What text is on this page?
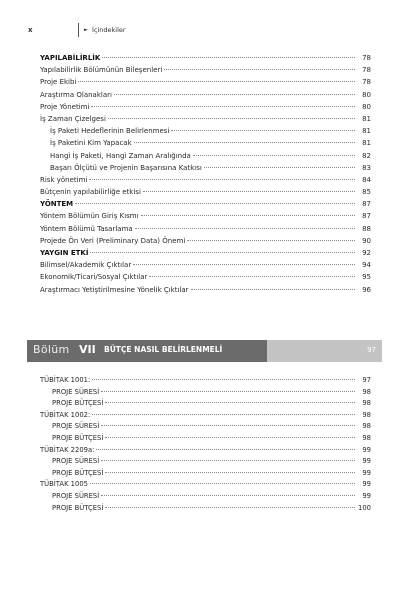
x	► İçindekiler
YAPILABİLİRLİK	78
Yapılabilirlik Bölümünün Bileşenleri	78
Proje Ekibi	78
Araştırma Olanakları	80
Proje Yönetimi	80
İş Zaman Çizelgesi	81
İş Paketi Hedeflerinin Belirlenmesi	81
İş Paketini Kim Yapacak	81
Hangi İş Paketi, Hangi Zaman Aralığında	82
Başarı Ölçütü ve Projenin Başarısına Katkısı	83
Risk yönetimi	84
Bütçenin yapılabilirliğe etkisi	85
YÖNTEM	87
Yöntem Bölümün Giriş Kısmı	87
Yöntem Bölümü Tasarlama	88
Projede Ön Veri (Preliminary Data) Önemi	90
YAYGIN ETKİ	92
Bilimsel/Akademik Çıktılar	94
Ekonomik/Ticari/Sosyal Çıktılar	95
Araştırmacı Yetiştirilmesine Yönelik Çıktılar	96
Bölüm VII BÜTÇE NASIL BELİRLENMELİ	97
TÜBİTAK 1001:	97
PROJE SÜRESİ	98
PROJE BÜTÇESİ	98
TÜBİTAK 1002:	98
PROJE SÜRESİ	98
PROJE BÜTÇESİ	98
TÜBİTAK 2209a:	99
PROJE SÜRESİ	99
PROJE BÜTÇESİ	99
TÜBİTAK 1005	99
PROJE SÜRESİ	99
PROJE BÜTÇESİ	100
